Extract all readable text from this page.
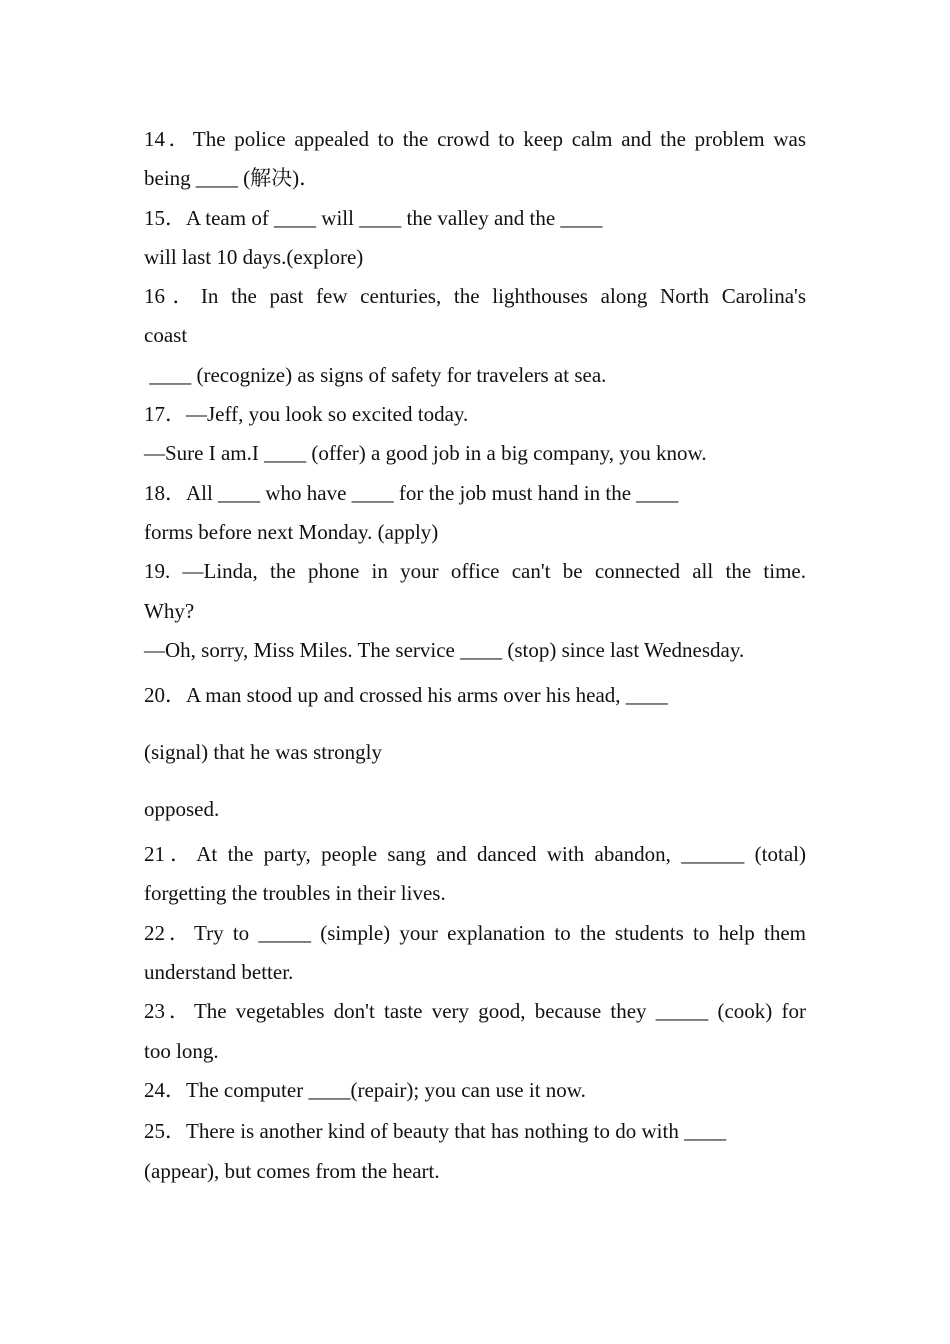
14．The police appealed to the crowd to keep calm and the problem was
being ____ (解决)．
15．A team of ____ will ____ the valley and the ____
will last 10 days.(explore)
16．In the past few centuries, the lighthouses along North Carolina's
coast
____ (recognize) as signs of safety for travelers at sea.
17．—Jeff, you look so excited today.
—Sure I am.I ____ (offer) a good job in a big company, you know.
18．All ____ who have ____ for the job must hand in the ____
forms before next Monday. (apply)
19. —Linda, the phone in your office can't be connected all the time.
Why?
—Oh, sorry, Miss Miles. The service ____ (stop) since last Wednesday.
20．A man stood up and crossed his arms over his head, ____
(signal) that he was strongly
opposed.
21．At the party, people sang and danced with abandon, ______ (total)
forgetting the troubles in their lives.
22．Try to _____ (simple) your explanation to the students to help them
understand better.
23．The vegetables don't taste very good, because they _____ (cook) for
too long.
24．The computer ____(repair); you can use it now.
25．There is another kind of beauty that has nothing to do with ____
(appear), but comes from the heart.
